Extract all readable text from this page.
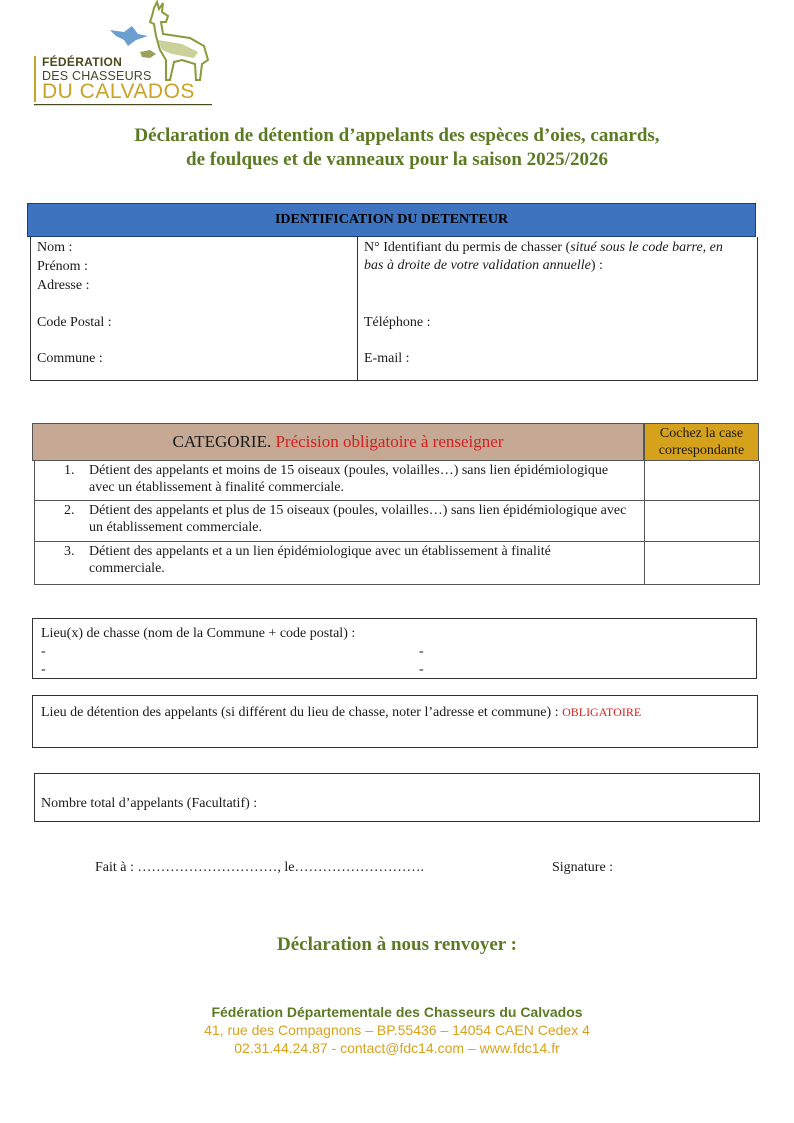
FÉDÉRATION
DES CHASSEURS
DU CALVADOS
Déclaration de détention d’appelants des espèces d’oies, canards,
de foulques et de vanneaux pour la saison 2025/2026
IDENTIFICATION DU DETENTEUR
Nom :
Prénom :
Adresse :
Code Postal :
Commune :
N° Identifiant du permis de chasser (situé sous le code barre, en bas à droite de votre validation annuelle) :
Téléphone :
E-mail :
CATEGORIE. Précision obligatoire à renseigner	Cochez la case correspondante
1. Détient des appelants et moins de 15 oiseaux (poules, volailles…) sans lien épidémiologique avec un établissement à finalité commerciale.
2. Détient des appelants et plus de 15 oiseaux (poules, volailles…) sans lien épidémiologique avec un établissement commerciale.
3. Détient des appelants et a un lien épidémiologique avec un établissement à finalité commerciale.
Lieu(x) de chasse (nom de la Commune + code postal) :
-
-
-
-
Lieu de détention des appelants (si différent du lieu de chasse, noter l’adresse et commune) : OBLIGATOIRE
Nombre total d’appelants (Facultatif) :
Fait à : …………………………, le……………………….	Signature :
Déclaration à nous renvoyer :
Fédération Départementale des Chasseurs du Calvados
41, rue des Compagnons – BP.55436 – 14054 CAEN Cedex 4
02.31.44.24.87 - contact@fdc14.com – www.fdc14.fr
